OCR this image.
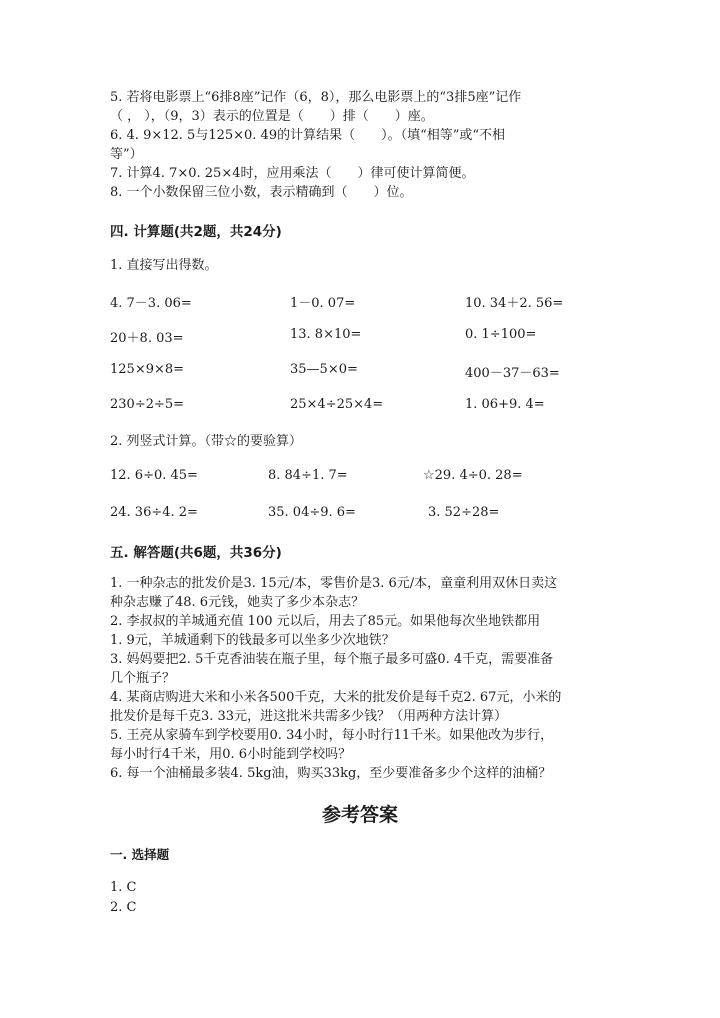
5. 若将电影票上“6排8座”记作（6，8），那么电影票上的“3排5座”记作
（ ， ），（9，3）表示的位置是（　　）排（　　）座。
6. 4. 9×12. 5与125×0. 49的计算结果（　　）。（填“相等”或“不相
等”）
7. 计算4. 7×0. 25×4时，应用乘法（　　）律可使计算简便。
8. 一个小数保留三位小数，表示精确到（　　）位。
四. 计算题(共2题，共24分)
1. 直接写出得数。
4. 7－3. 06=	1－0. 07=	10. 34＋2. 56=
20＋8. 03=	13. 8×10=	0. 1÷100=
125×9×8=	35—5×0=	400－37－63=
230÷2÷5=	25×4÷25×4=	1. 06+9. 4=
2. 列竖式计算。（带☆的要验算）
12. 6÷0. 45=	8. 84÷1. 7=	☆29. 4÷0. 28=
24. 36÷4. 2=	35. 04÷9. 6=	3. 52÷28=
五. 解答题(共6题，共36分)
1. 一种杂志的批发价是3. 15元/本，零售价是3. 6元/本，童童利用双休日卖这
种杂志赚了48. 6元钱，她卖了多少本杂志？
2. 李叔叔的羊城通充值 100 元以后，用去了85元。如果他每次坐地铁都用
1. 9元，羊城通剩下的钱最多可以坐多少次地铁？
3. 妈妈要把2. 5千克香油装在瓶子里，每个瓶子最多可盛0. 4千克，需要准备
几个瓶子？
4. 某商店购进大米和小米各500千克，大米的批发价是每千克2. 67元，小米的
批发价是每千克3. 33元，进这批米共需多少钱？（用两种方法计算）
5. 王亮从家骑车到学校要用0. 34小时，每小时行11千米。如果他改为步行，
每小时行4千米，用0. 6小时能到学校吗？
6. 每一个油桶最多装4. 5kg油，购买33kg，至少要准备多少个这样的油桶？
参考答案
一. 选择题
1. C
2. C
